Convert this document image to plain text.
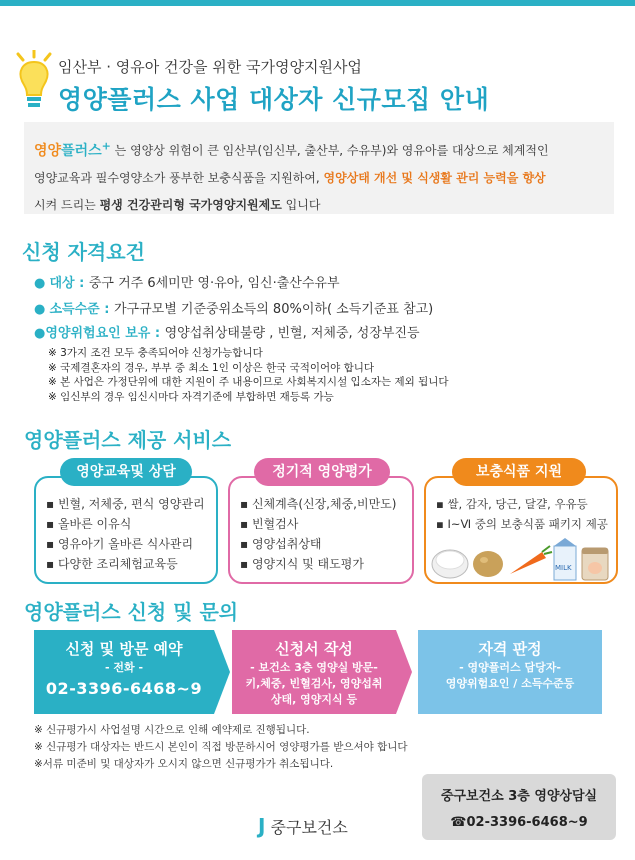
임산부 · 영유아 건강을 위한 국가영양지원사업
영양플러스 사업 대상자 신규모집 안내
영양플러스+ 는 영양상 위험이 큰 임산부(임신부, 출산부, 수유부)와 영유아를 대상으로 체계적인
영양교육과 필수영양소가 풍부한 보충식품을 지원하여, 영양상태 개선 및 식생활 관리 능력을 향상
시켜 드리는 평생 건강관리형 국가영양지원제도 입니다
신청 자격요건
● 대상 : 중구 거주 6세미만 영·유아, 임신·출산수유부
● 소득수준 : 가구규모별 기준중위소득의 80%이하( 소득기준표 참고)
●영양위험요인 보유 : 영양섭취상태불량 , 빈혈, 저체중, 성장부진등
※ 3가지 조건 모두 충족되어야 신청가능합니다
※ 국제결혼자의 경우, 부부 중 최소 1인 이상은 한국 국적이어야 합니다
※ 본 사업은 가정단위에 대한 지원이 주 내용이므로 사회복지시설 입소자는 제외 됩니다
※ 임신부의 경우 임신시마다 자격기준에 부합하면 재등록 가능
영양플러스 제공 서비스
▪ 빈혈, 저체중, 편식 영양관리
▪ 올바른 이유식
▪ 영유아기 올바른 식사관리
▪ 다양한 조리체험교육등
영양교육및 상담
▪ 신체계측(신장,체중,비만도)
▪ 빈혈검사
▪ 영양섭취상태
▪ 영양지식 및 태도평가
정기적 영양평가
▪ 쌀, 감자, 당근, 달걀, 우유등
▪ Ⅰ~Ⅵ 중의 보충식품 패키지 제공
보충식품 지원
MILK
영양플러스 신청 및 문의
신청 및 방문 예약
- 전화 -
02-3396-6468~9
신청서 작성
- 보건소 3층 영양실 방문-
키,체중, 빈혈검사, 영양섭취
상태, 영양지식 등
자격 판정
- 영양플러스 담당자-
영양위험요인 / 소득수준등
※ 신규평가시 사업설명 시간으로 인해 예약제로 진행됩니다.
※ 신규평가 대상자는 반드시 본인이 직접 방문하시어 영양평가를 받으셔야 합니다
※서류 미준비 및 대상자가 오시지 않으면 신규평가가 취소됩니다.
중구보건소 3층 영양상담실
☎02-3396-6468~9
J 중구보건소
